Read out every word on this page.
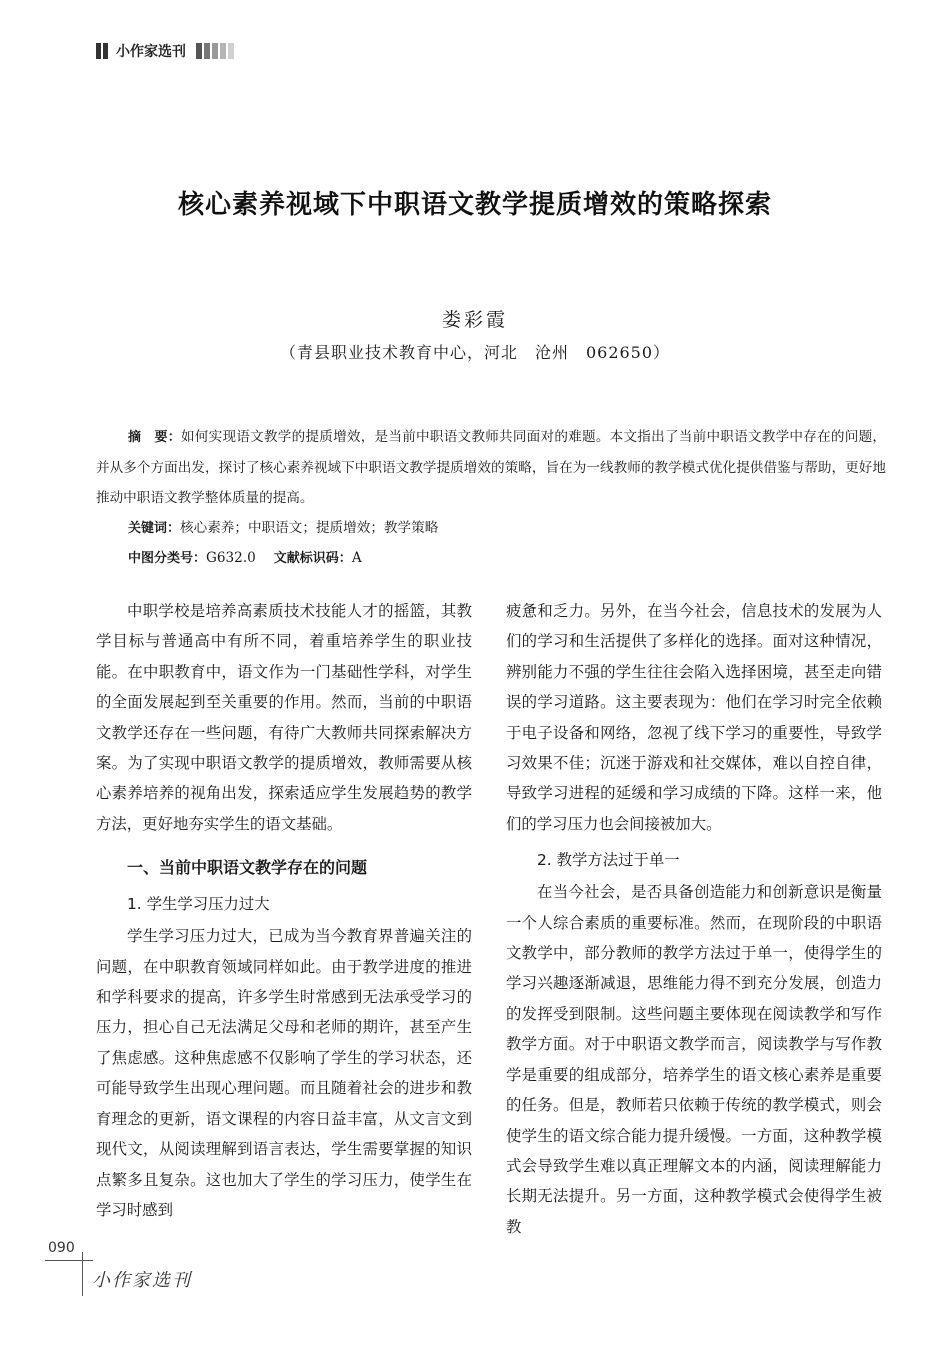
小作家选刊
核心素养视域下中职语文教学提质增效的策略探索
娄彩霞
（青县职业技术教育中心，河北　沧州　062650）

摘　要：如何实现语文教学的提质增效，是当前中职语文教师共同面对的难题。本文指出了当前中职语文教学中存在的问题，并从多个方面出发，探讨了核心素养视域下中职语文教学提质增效的策略，旨在为一线教师的教学模式优化提供借鉴与帮助，更好地推动中职语文教学整体质量的提高。

关键词：核心素养；中职语文；提质增效；教学策略
中图分类号：G632.0 文献标识码：A

中职学校是培养高素质技术技能人才的摇篮，其教学目标与普通高中有所不同，着重培养学生的职业技能。在中职教育中，语文作为一门基础性学科，对学生的全面发展起到至关重要的作用。然而，当前的中职语文教学还存在一些问题，有待广大教师共同探索解决方案。为了实现中职语文教学的提质增效，教师需要从核心素养培养的视角出发，探索适应学生发展趋势的教学方法，更好地夯实学生的语文基础。

一、当前中职语文教学存在的问题
1. 学生学习压力过大

学生学习压力过大，已成为当今教育界普遍关注的问题，在中职教育领域同样如此。由于教学进度的推进和学科要求的提高，许多学生时常感到无法承受学习的压力，担心自己无法满足父母和老师的期许，甚至产生了焦虑感。这种焦虑感不仅影响了学生的学习状态，还可能导致学生出现心理问题。而且随着社会的进步和教育理念的更新，语文课程的内容日益丰富，从文言文到现代文，从阅读理解到语言表达，学生需要掌握的知识点繁多且复杂。这也加大了学生的学习压力，使学生在学习时感到

疲惫和乏力。另外，在当今社会，信息技术的发展为人们的学习和生活提供了多样化的选择。面对这种情况，辨别能力不强的学生往往会陷入选择困境，甚至走向错误的学习道路。这主要表现为：他们在学习时完全依赖于电子设备和网络，忽视了线下学习的重要性，导致学习效果不佳；沉迷于游戏和社交媒体，难以自控自律，导致学习进程的延缓和学习成绩的下降。这样一来，他们的学习压力也会间接被加大。

2. 教学方法过于单一

在当今社会，是否具备创造能力和创新意识是衡量一个人综合素质的重要标准。然而，在现阶段的中职语文教学中，部分教师的教学方法过于单一，使得学生的学习兴趣逐渐减退，思维能力得不到充分发展，创造力的发挥受到限制。这些问题主要体现在阅读教学和写作教学方面。对于中职语文教学而言，阅读教学与写作教学是重要的组成部分，培养学生的语文核心素养是重要的任务。但是，教师若只依赖于传统的教学模式，则会使学生的语文综合能力提升缓慢。一方面，这种教学模式会导致学生难以真正理解文本的内涵，阅读理解能力长期无法提升。另一方面，这种教学模式会使得学生被教

090
小作家选刊
